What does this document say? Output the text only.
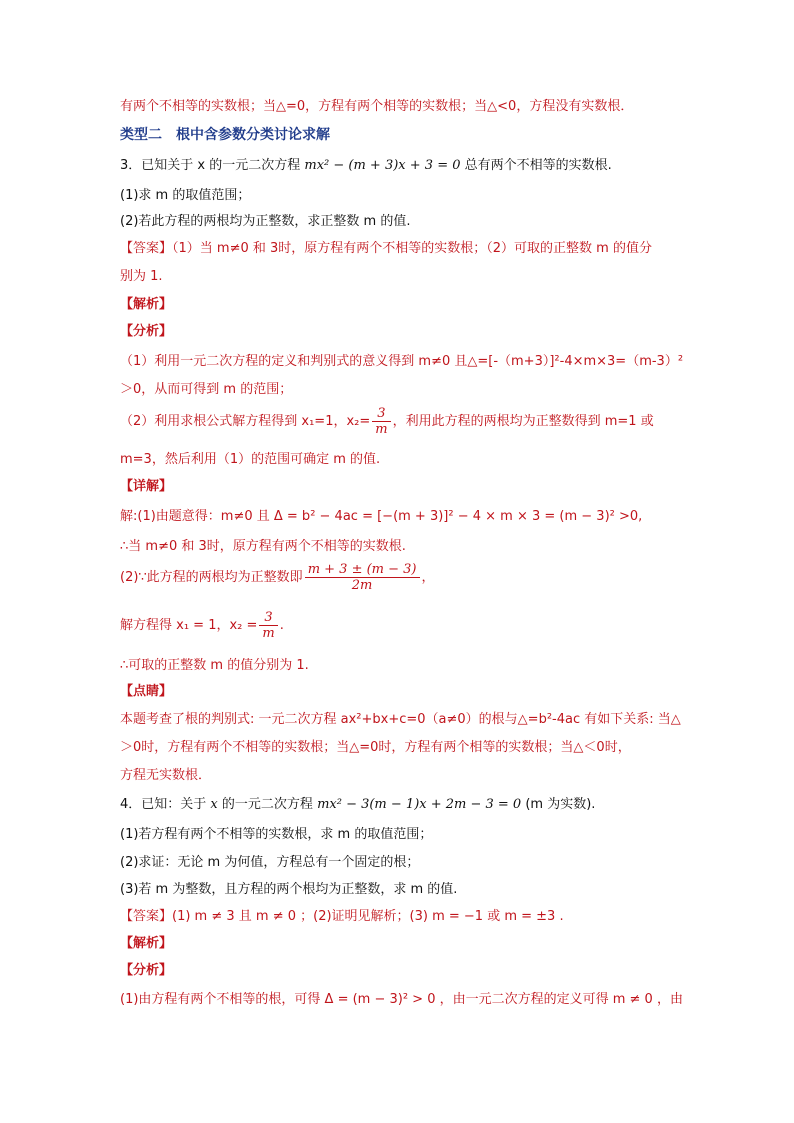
有两个不相等的实数根；当△=0，方程有两个相等的实数根；当△<0，方程没有实数根．
类型二 根中含参数分类讨论求解
3．已知关于 x 的一元二次方程 mx² − (m + 3)x + 3 = 0 总有两个不相等的实数根.
(1)求 m 的取值范围；
(2)若此方程的两根均为正整数，求正整数 m 的值.
【答案】（1）当 m≠0 和 3时，原方程有两个不相等的实数根；（2）可取的正整数 m 的值分
别为 1.
【解析】
【分析】
（1）利用一元二次方程的定义和判别式的意义得到 m≠0 且△=[-（m+3）]²-4×m×3=（m-3）²
＞0，从而可得到 m 的范围；
（2）利用求根公式解方程得到 x₁=1，$x_2= \frac{3}{m}$ ，利用此方程的两根均为正整数得到 m=1 或
m=3，然后利用（1）的范围可确定 m 的值.
【详解】
解:(1)由题意得：m≠0 且 Δ = b² − 4ac = [−(m + 3)]² − 4 × m × 3 = (m − 3)² >0,
∴当 m≠0 和 3时，原方程有两个不相等的实数根.
(2)∵此方程的两根均为正整数即 $\frac{m + 3 \pm (m - 3)}{2m}$ ，
解方程得 x₁ = 1，$x_2 = \frac{3}{m}$ .
∴可取的正整数 m 的值分别为 1.
【点睛】
本题考查了根的判别式: 一元二次方程 ax²+bx+c=0（a≠0）的根与△=b²-4ac 有如下关系: 当△
＞0时，方程有两个不相等的实数根；当△=0时，方程有两个相等的实数根；当△＜0时，
方程无实数根．
4．已知：关于 x 的一元二次方程 mx² − 3(m − 1)x + 2m − 3 = 0 (m 为实数).
(1)若方程有两个不相等的实数根，求 m 的取值范围；
(2)求证：无论 m 为何值，方程总有一个固定的根；
(3)若 m 为整数，且方程的两个根均为正整数，求 m 的值.
【答案】(1) m ≠ 3 且 m ≠ 0 ；(2)证明见解析；(3) m = −1 或 m = ±3 .
【解析】
【分析】
(1)由方程有两个不相等的根，可得 Δ = (m − 3)² > 0 ，由一元二次方程的定义可得 m ≠ 0 ，由
